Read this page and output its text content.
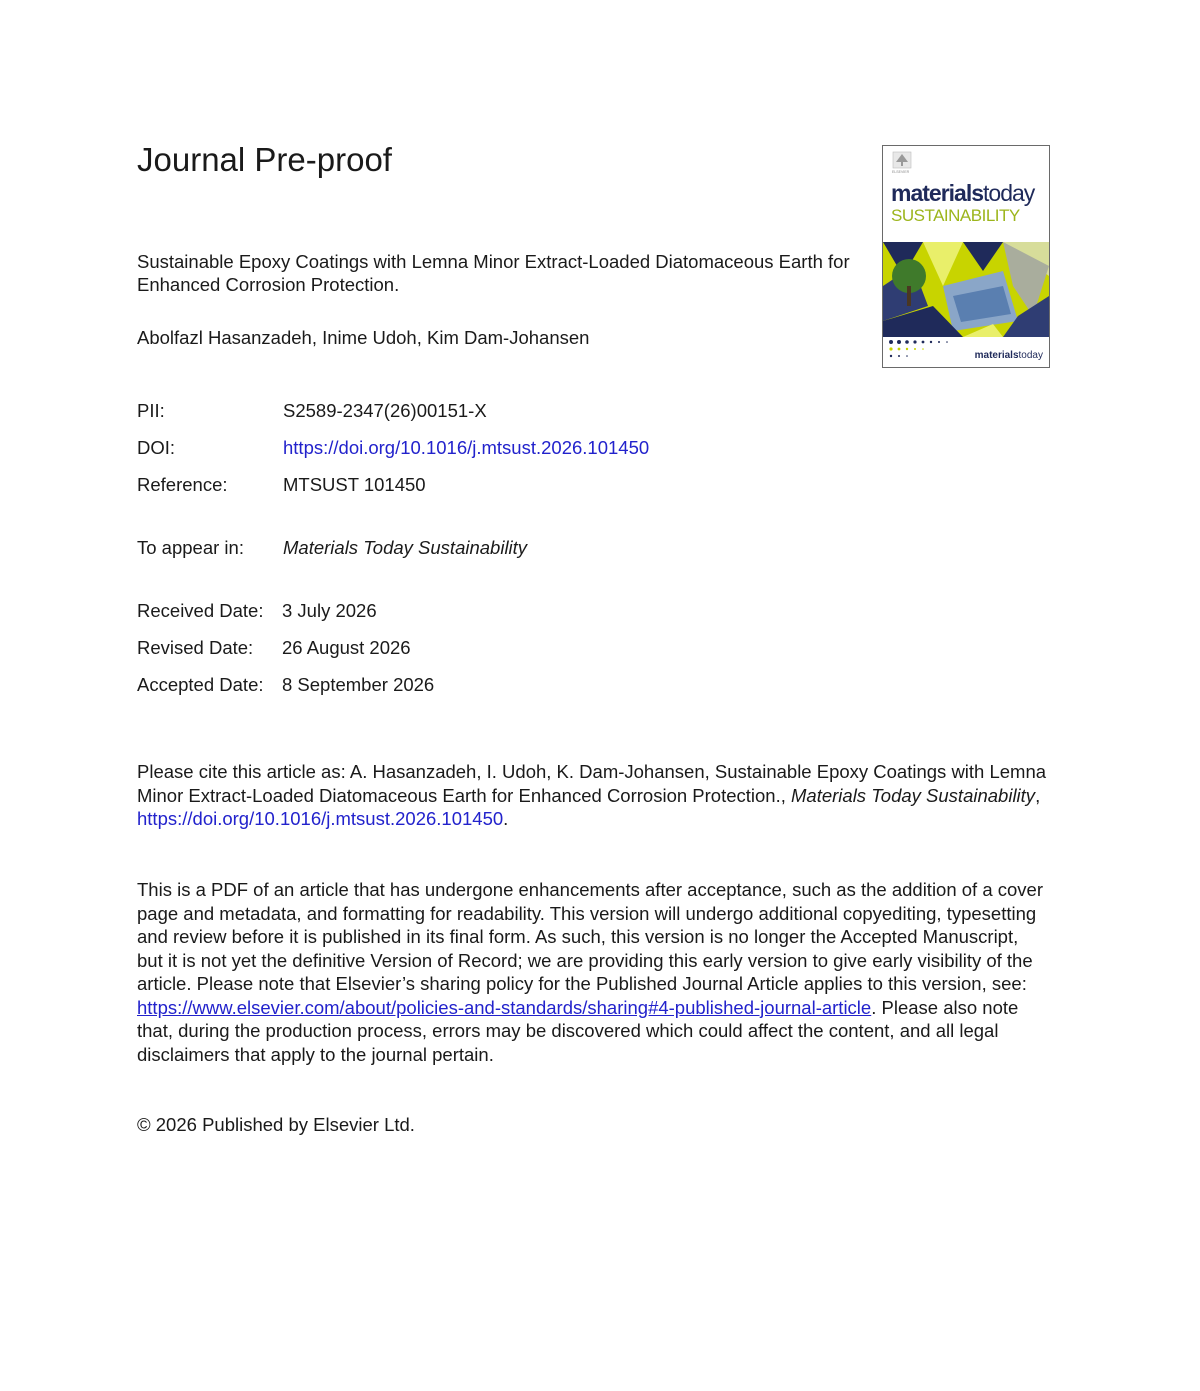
Journal Pre-proof
Sustainable Epoxy Coatings with Lemna Minor Extract-Loaded Diatomaceous Earth for Enhanced Corrosion Protection.
Abolfazl Hasanzadeh, Inime Udoh, Kim Dam-Johansen
ELSEVIER
materialstoday
SUSTAINABILITY
materialstoday
PII:	S2589-2347(26)00151-X
DOI:	https://doi.org/10.1016/j.mtsust.2026.101450
Reference:	MTSUST 101450
To appear in: Materials Today Sustainability
Received Date: 3 July 2026
Revised Date: 26 August 2026
Accepted Date: 8 September 2026
Please cite this article as: A. Hasanzadeh, I. Udoh, K. Dam-Johansen, Sustainable Epoxy Coatings with Lemna Minor Extract-Loaded Diatomaceous Earth for Enhanced Corrosion Protection., Materials Today Sustainability, https://doi.org/10.1016/j.mtsust.2026.101450.
This is a PDF of an article that has undergone enhancements after acceptance, such as the addition of a cover page and metadata, and formatting for readability. This version will undergo additional copyediting, typesetting and review before it is published in its final form. As such, this version is no longer the Accepted Manuscript, but it is not yet the definitive Version of Record; we are providing this early version to give early visibility of the article. Please note that Elsevier’s sharing policy for the Published Journal Article applies to this version, see: https://www.elsevier.com/about/policies-and-standards/sharing#4-published-journal-article. Please also note that, during the production process, errors may be discovered which could affect the content, and all legal disclaimers that apply to the journal pertain.
© 2026 Published by Elsevier Ltd.
